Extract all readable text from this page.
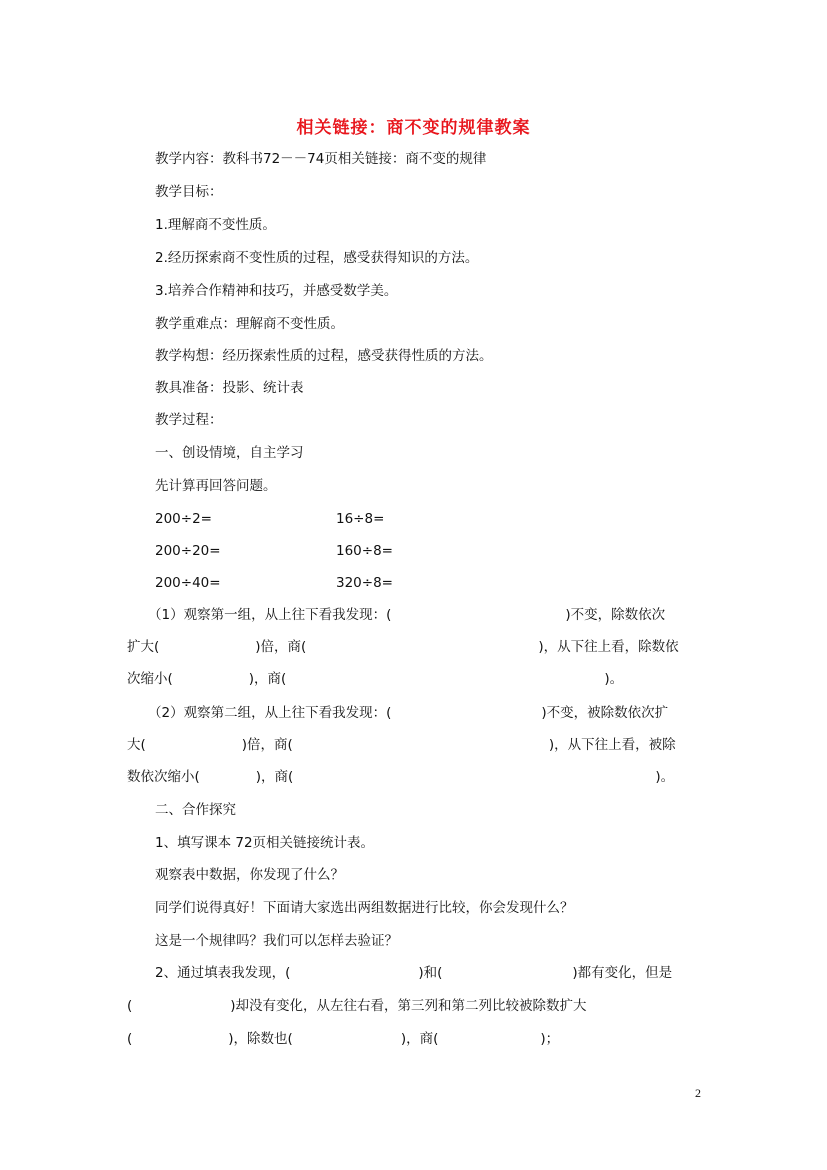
相关链接：商不变的规律教案
教学内容：教科书72－－74页相关链接：商不变的规律
教学目标：
1.理解商不变性质。
2.经历探索商不变性质的过程，感受获得知识的方法。
3.培养合作精神和技巧，并感受数学美。
教学重难点：理解商不变性质。
教学构想：经历探索性质的过程，感受获得性质的方法。
教具准备：投影、统计表
教学过程：
一、创设情境，自主学习
先计算再回答问题。
200÷2=	16÷8=
200÷20=	160÷8=
200÷40=	320÷8=
（1）观察第一组，从上往下看我发现：(	)不变，除数依次
扩大(	)倍，商(	)，从下往上看，除数依
次缩小(	)，商(	)。
（2）观察第二组，从上往下看我发现：(	)不变，被除数依次扩
大(	)倍，商(	)，从下往上看，被除
数依次缩小(	)，商(	)。
二、合作探究
1、填写课本 72页相关链接统计表。
观察表中数据，你发现了什么？
同学们说得真好！下面请大家选出两组数据进行比较，你会发现什么？
这是一个规律吗？我们可以怎样去验证？
2、通过填表我发现，(	)和(	)都有变化，但是
(	)却没有变化，从左往右看，第三列和第二列比较被除数扩大
(	)，除数也(	)，商(	)；
2
